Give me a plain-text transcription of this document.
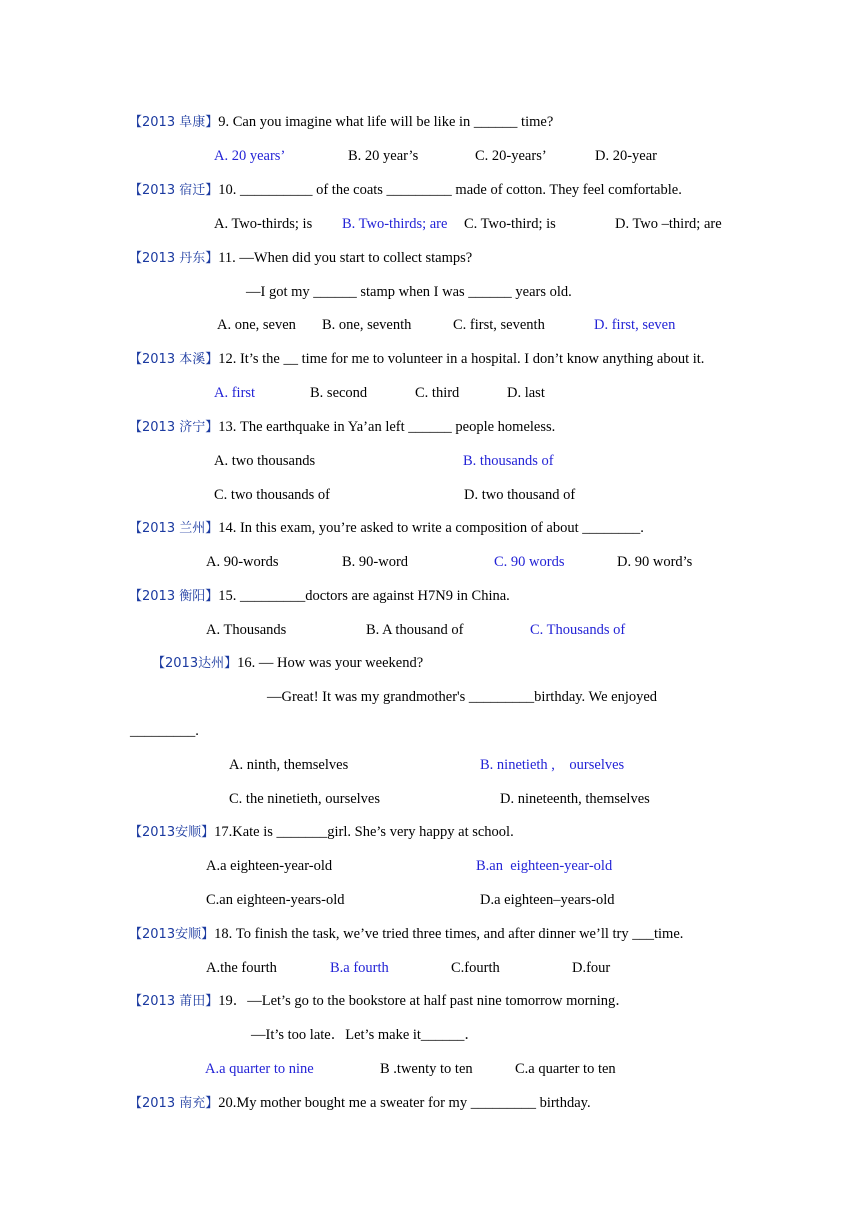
【2013 阜康】9. Can you imagine what life will be like in ______ time?
A. 20 years’	B. 20 year’s	C. 20-years’	D. 20-year
【2013 宿迁】10. __________ of the coats _________ made of cotton. They feel comfortable.
A. Two-thirds; is B. Two-thirds; are C. Two-third; is	D. Two –third; are
【2013 丹东】11. —When did you start to collect stamps?
—I got my ______ stamp when I was ______ years old.
A. one, seven B. one, seventh	C. first, seventh	D. first, seven
【2013 本溪】12. It’s the __ time for me to volunteer in a hospital. I don’t know anything about it.
A. first	B. second	C. third	D. last
【2013 济宁】13. The earthquake in Ya’an left ______ people homeless.
A. two thousands	B. thousands of
C. two thousands of	D. two thousand of
【2013 兰州】14. In this exam, you’re asked to write a composition of about ________.
A. 90-words	B. 90-word	C. 90 words	D. 90 word’s
【2013 衡阳】15. _________doctors are against H7N9 in China.
A. Thousands	B. A thousand of	C. Thousands of
【2013达州】16. — How was your weekend?
—Great! It was my grandmother's _________birthday. We enjoyed
_________.
A. ninth, themselves	B. ninetieth ,    ourselves
C. the ninetieth, ourselves	D. nineteenth, themselves
【2013安顺】17.Kate is _______girl. She’s very happy at school.
A.a eighteen-year-old	B.an  eighteen-year-old
C.an eighteen-years-old	D.a eighteen–years-old
【2013安顺】18. To finish the task, we’ve tried three times, and after dinner we’ll try ___time.
A.the fourth	B.a fourth	C.fourth	D.four
【2013 莆田】19．—Let’s go to the bookstore at half past nine tomorrow morning．
—It’s too late．Let’s make it______．
A.a quarter to nine	B .twenty to ten	C.a quarter to ten
【2013 南充】20.My mother bought me a sweater for my _________ birthday.
